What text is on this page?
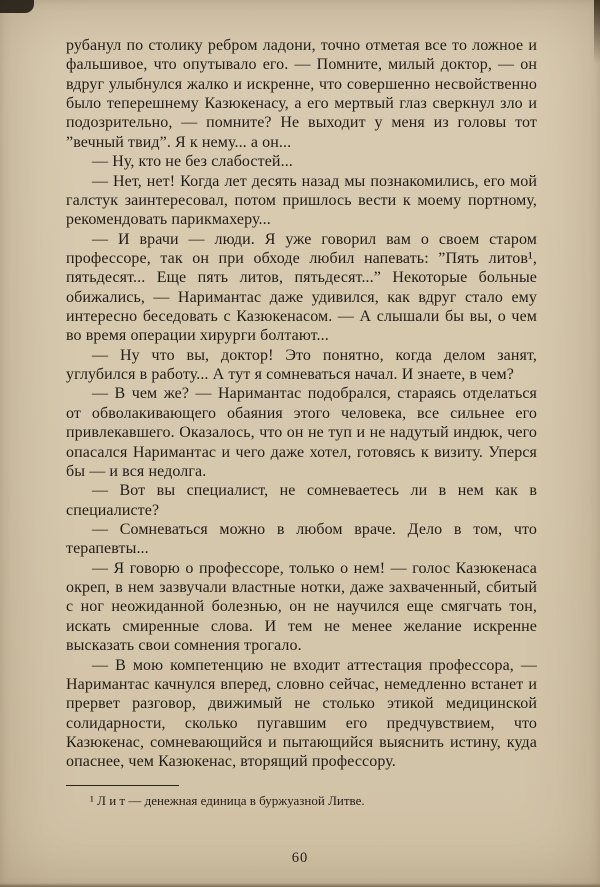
рубанул по столику ребром ладони, точно отметая все то ложное и фальшивое, что опутывало его. — Помните, милый доктор, — он вдруг улыбнулся жалко и искренне, что совершенно несвойственно было теперешнему Казюкенасу, а его мертвый глаз сверкнул зло и подозрительно, — помните? Не выходит у меня из головы тот ”вечный твид”. Я к нему... а он...

— Ну, кто не без слабостей...

— Нет, нет! Когда лет десять назад мы познакомились, его мой галстук заинтересовал, потом пришлось вести к моему портному, рекомендовать парикмахеру...

— И врачи — люди. Я уже говорил вам о своем старом профессоре, так он при обходе любил напевать: ”Пять литов¹, пятьдесят... Еще пять литов, пятьдесят...” Некоторые больные обижались, — Наримантас даже удивился, как вдруг стало ему интересно беседовать с Казюкенасом. — А слышали бы вы, о чем во время операции хирурги болтают...

— Ну что вы, доктор! Это понятно, когда делом занят, углубился в работу... А тут я сомневаться начал. И знаете, в чем?

— В чем же? — Наримантас подобрался, стараясь отделаться от обволакивающего обаяния этого человека, все сильнее его привлекавшего. Оказалось, что он не туп и не надутый индюк, чего опасался Наримантас и чего даже хотел, готовясь к визиту. Уперся бы — и вся недолга.

— Вот вы специалист, не сомневаетесь ли в нем как в специалисте?

— Сомневаться можно в любом враче. Дело в том, что терапевты...

— Я говорю о профессоре, только о нем! — голос Казюкенаса окреп, в нем зазвучали властные нотки, даже захваченный, сбитый с ног неожиданной болезнью, он не научился еще смягчать тон, искать смиренные слова. И тем не менее желание искренне высказать свои сомнения трогало.

— В мою компетенцию не входит аттестация профессора, — Наримантас качнулся вперед, словно сейчас, немедленно встанет и прервет разговор, движимый не столько этикой медицинской солидарности, сколько пугавшим его предчувствием, что Казюкенас, сомневающийся и пытающийся выяснить истину, куда опаснее, чем Казюкенас, вторящий профессору.

¹ Л и т — денежная единица в буржуазной Литве.

60
